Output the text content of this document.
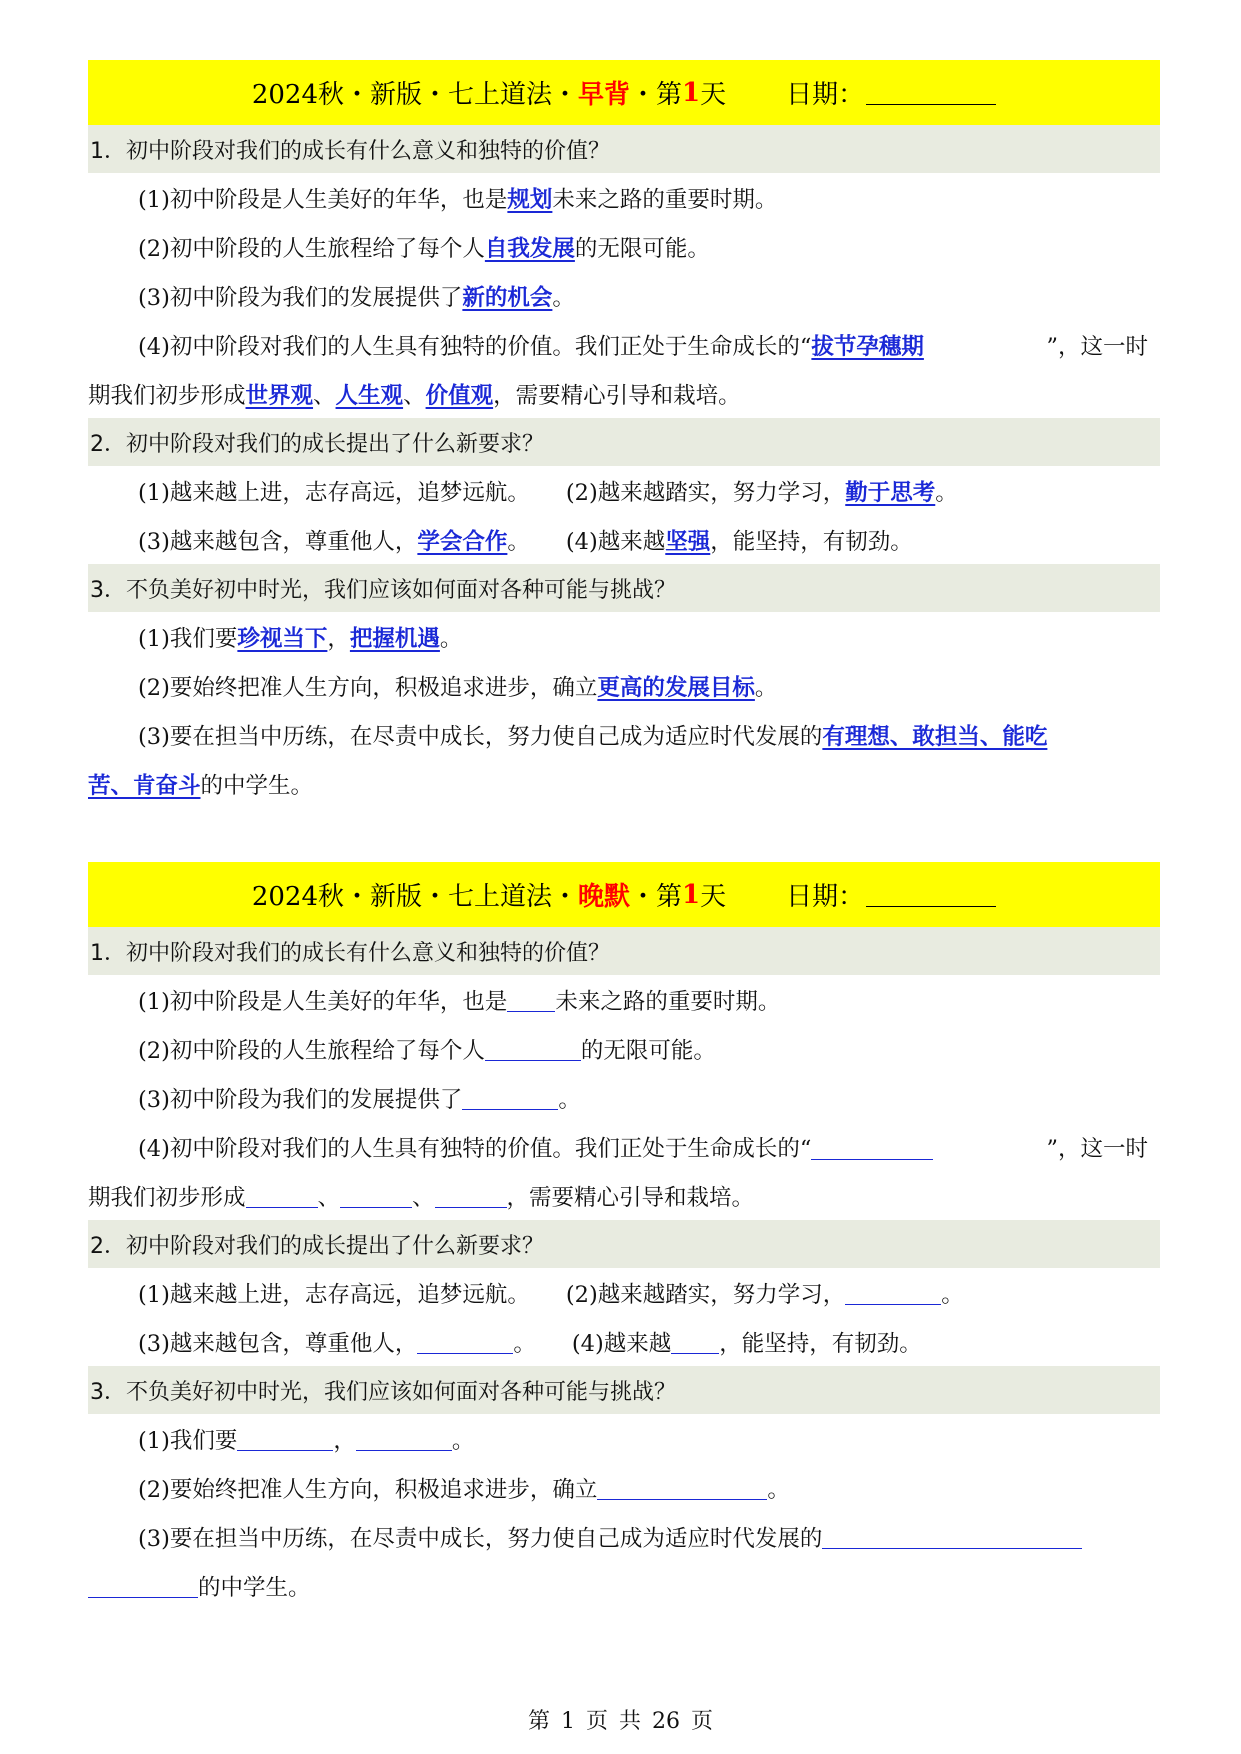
2024秋・新版・七上道法・ 早背 ・第 1 天 日期：
1．初中阶段对我们的成长有什么意义和独特的价值？
(1)初中阶段是人生美好的年华，也是 规划 未来之路的重要时期。
(2)初中阶段的人生旅程给了每个人 自我发展 的无限可能。
(3)初中阶段为我们的发展提供了 新的机会 。
(4)初中阶段对我们的人生具有独特的价值。我们正处于生命成长的“拔节孕穗期	”，这一时
期我们初步形成 世界观 、 人生观 、 价值观 ，需要精心引导和栽培。
2．初中阶段对我们的成长提出了什么新要求？
(1)越来越上进，志存高远，追梦远航。 (2)越来越踏实，努力学习， 勤于思考 。
(3)越来越包含，尊重他人， 学会合作 。 (4)越来越 坚强 ，能坚持，有韧劲。
3．不负美好初中时光，我们应该如何面对各种可能与挑战？
(1)我们要 珍视当下 ， 把握机遇 。
(2)要始终把准人生方向，积极追求进步，确立 更高的发展目标 。
(3)要在担当中历练，在尽责中成长，努力使自己成为适应时代发展的 有理想、敢担当、能吃
苦、肯奋斗 的中学生。
2024秋・新版・七上道法・ 晚默 ・第 1 天 日期：
1．初中阶段对我们的成长有什么意义和独特的价值？
(1)初中阶段是人生美好的年华，也是 未来之路的重要时期。
(2)初中阶段的人生旅程给了每个人	的无限可能。
(3)初中阶段为我们的发展提供了	。
(4)初中阶段对我们的人生具有独特的价值。我们正处于生命成长的“	”，这一时
期我们初步形成	、	、	，需要精心引导和栽培。
2．初中阶段对我们的成长提出了什么新要求？
(1)越来越上进，志存高远，追梦远航。 (2)越来越踏实，努力学习，	。
(3)越来越包含，尊重他人，	。 (4)越来越 ，能坚持，有韧劲。
3．不负美好初中时光，我们应该如何面对各种可能与挑战？
(1)我们要	，	。
(2)要始终把准人生方向，积极追求进步，确立	。
(3)要在担当中历练，在尽责中成长，努力使自己成为适应时代发展的
的中学生。
第 1 页 共 26 页
